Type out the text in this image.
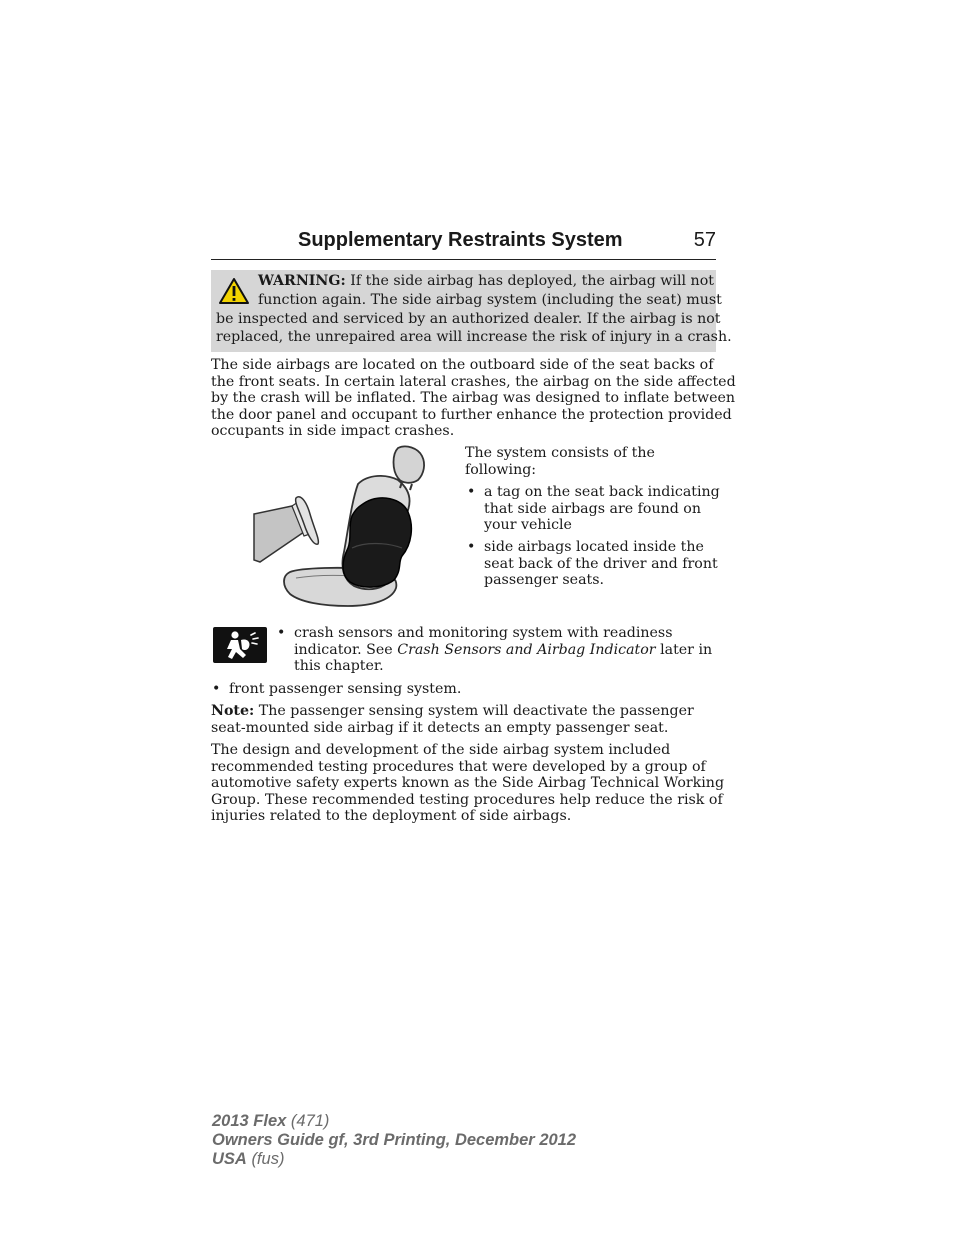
Supplementary Restraints System	57
WARNING: If the side airbag has deployed, the airbag will not
function again. The side airbag system (including the seat) must
be inspected and serviced by an authorized dealer. If the airbag is not
replaced, the unrepaired area will increase the risk of injury in a crash.
The side airbags are located on the outboard side of the seat backs of
the front seats. In certain lateral crashes, the airbag on the side affected
by the crash will be inflated. The airbag was designed to inflate between
the door panel and occupant to further enhance the protection provided
occupants in side impact crashes.
The system consists of the
following:
• a tag on the seat back indicating
that side airbags are found on
your vehicle
• side airbags located inside the
seat back of the driver and front
passenger seats.
• crash sensors and monitoring system with readiness
indicator. See Crash Sensors and Airbag Indicator later in
this chapter.
• front passenger sensing system.
Note: The passenger sensing system will deactivate the passenger
seat-mounted side airbag if it detects an empty passenger seat.
The design and development of the side airbag system included
recommended testing procedures that were developed by a group of
automotive safety experts known as the Side Airbag Technical Working
Group. These recommended testing procedures help reduce the risk of
injuries related to the deployment of side airbags.
2013 Flex (471)
Owners Guide gf, 3rd Printing, December 2012
USA (fus)
